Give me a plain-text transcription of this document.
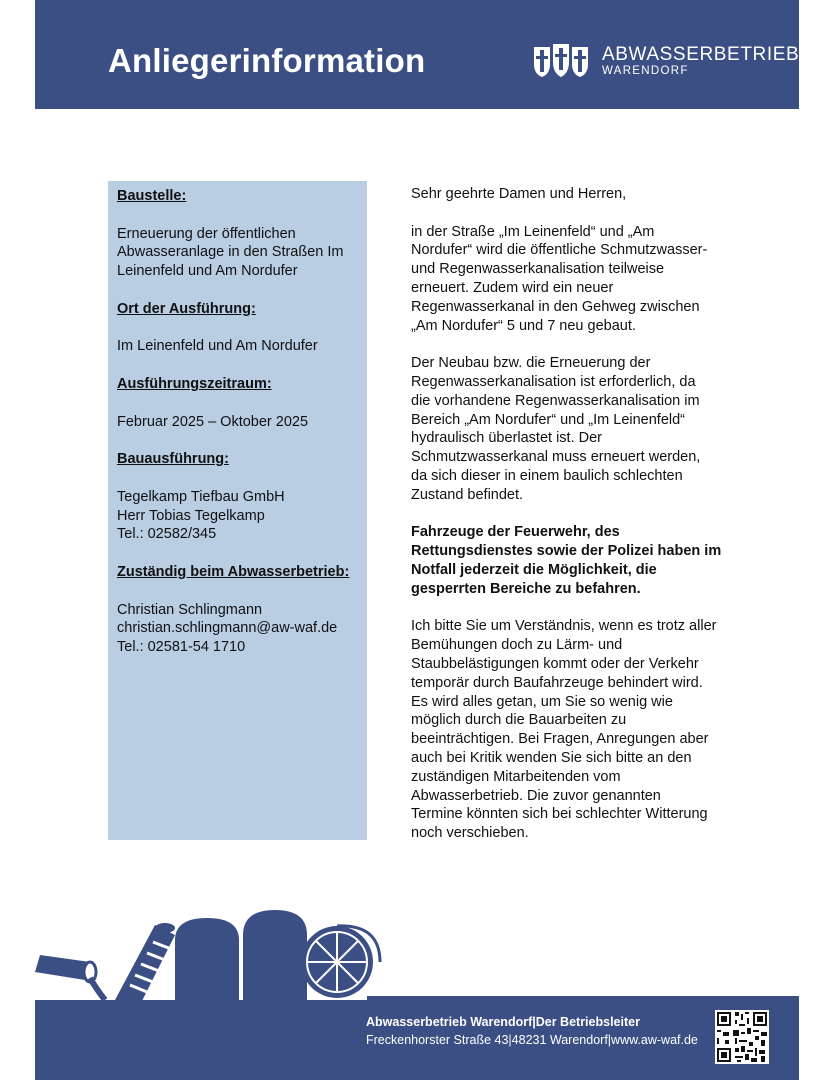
Anliegerinformation	ABWASSERBETRIEB
WARENDORF
Baustelle:
Erneuerung der öffentlichen
Abwasseranlage in den Straßen Im
Leinenfeld und Am Nordufer
Ort der Ausführung:
Im Leinenfeld und Am Nordufer
Ausführungszeitraum:
Februar 2025 – Oktober 2025
Bauausführung:
Tegelkamp Tiefbau GmbH
Herr Tobias Tegelkamp
Tel.: 02582/345
Zuständig beim Abwasserbetrieb:
Christian Schlingmann
christian.schlingmann@aw-waf.de
Tel.: 02581-54 1710
Sehr geehrte Damen und Herren,
in der Straße „Im Leinenfeld“ und „Am
Nordufer“ wird die öffentliche Schmutzwasser-
und Regenwasserkanalisation teilweise
erneuert. Zudem wird ein neuer
Regenwasserkanal in den Gehweg zwischen
„Am Nordufer“ 5 und 7 neu gebaut.
Der Neubau bzw. die Erneuerung der
Regenwasserkanalisation ist erforderlich, da
die vorhandene Regenwasserkanalisation im
Bereich „Am Nordufer“ und „Im Leinenfeld“
hydraulisch überlastet ist. Der
Schmutzwasserkanal muss erneuert werden,
da sich dieser in einem baulich schlechten
Zustand befindet.
Fahrzeuge der Feuerwehr, des
Rettungsdienstes sowie der Polizei haben im
Notfall jederzeit die Möglichkeit, die
gesperrten Bereiche zu befahren.
Ich bitte Sie um Verständnis, wenn es trotz aller
Bemühungen doch zu Lärm- und
Staubbelästigungen kommt oder der Verkehr
temporär durch Baufahrzeuge behindert wird.
Es wird alles getan, um Sie so wenig wie
möglich durch die Bauarbeiten zu
beeinträchtigen. Bei Fragen, Anregungen aber
auch bei Kritik wenden Sie sich bitte an den
zuständigen Mitarbeitenden vom
Abwasserbetrieb. Die zuvor genannten
Termine könnten sich bei schlechter Witterung
noch verschieben.
Abwasserbetrieb Warendorf|Der Betriebsleiter
Freckenhorster Straße 43|48231 Warendorf|www.aw-waf.de
